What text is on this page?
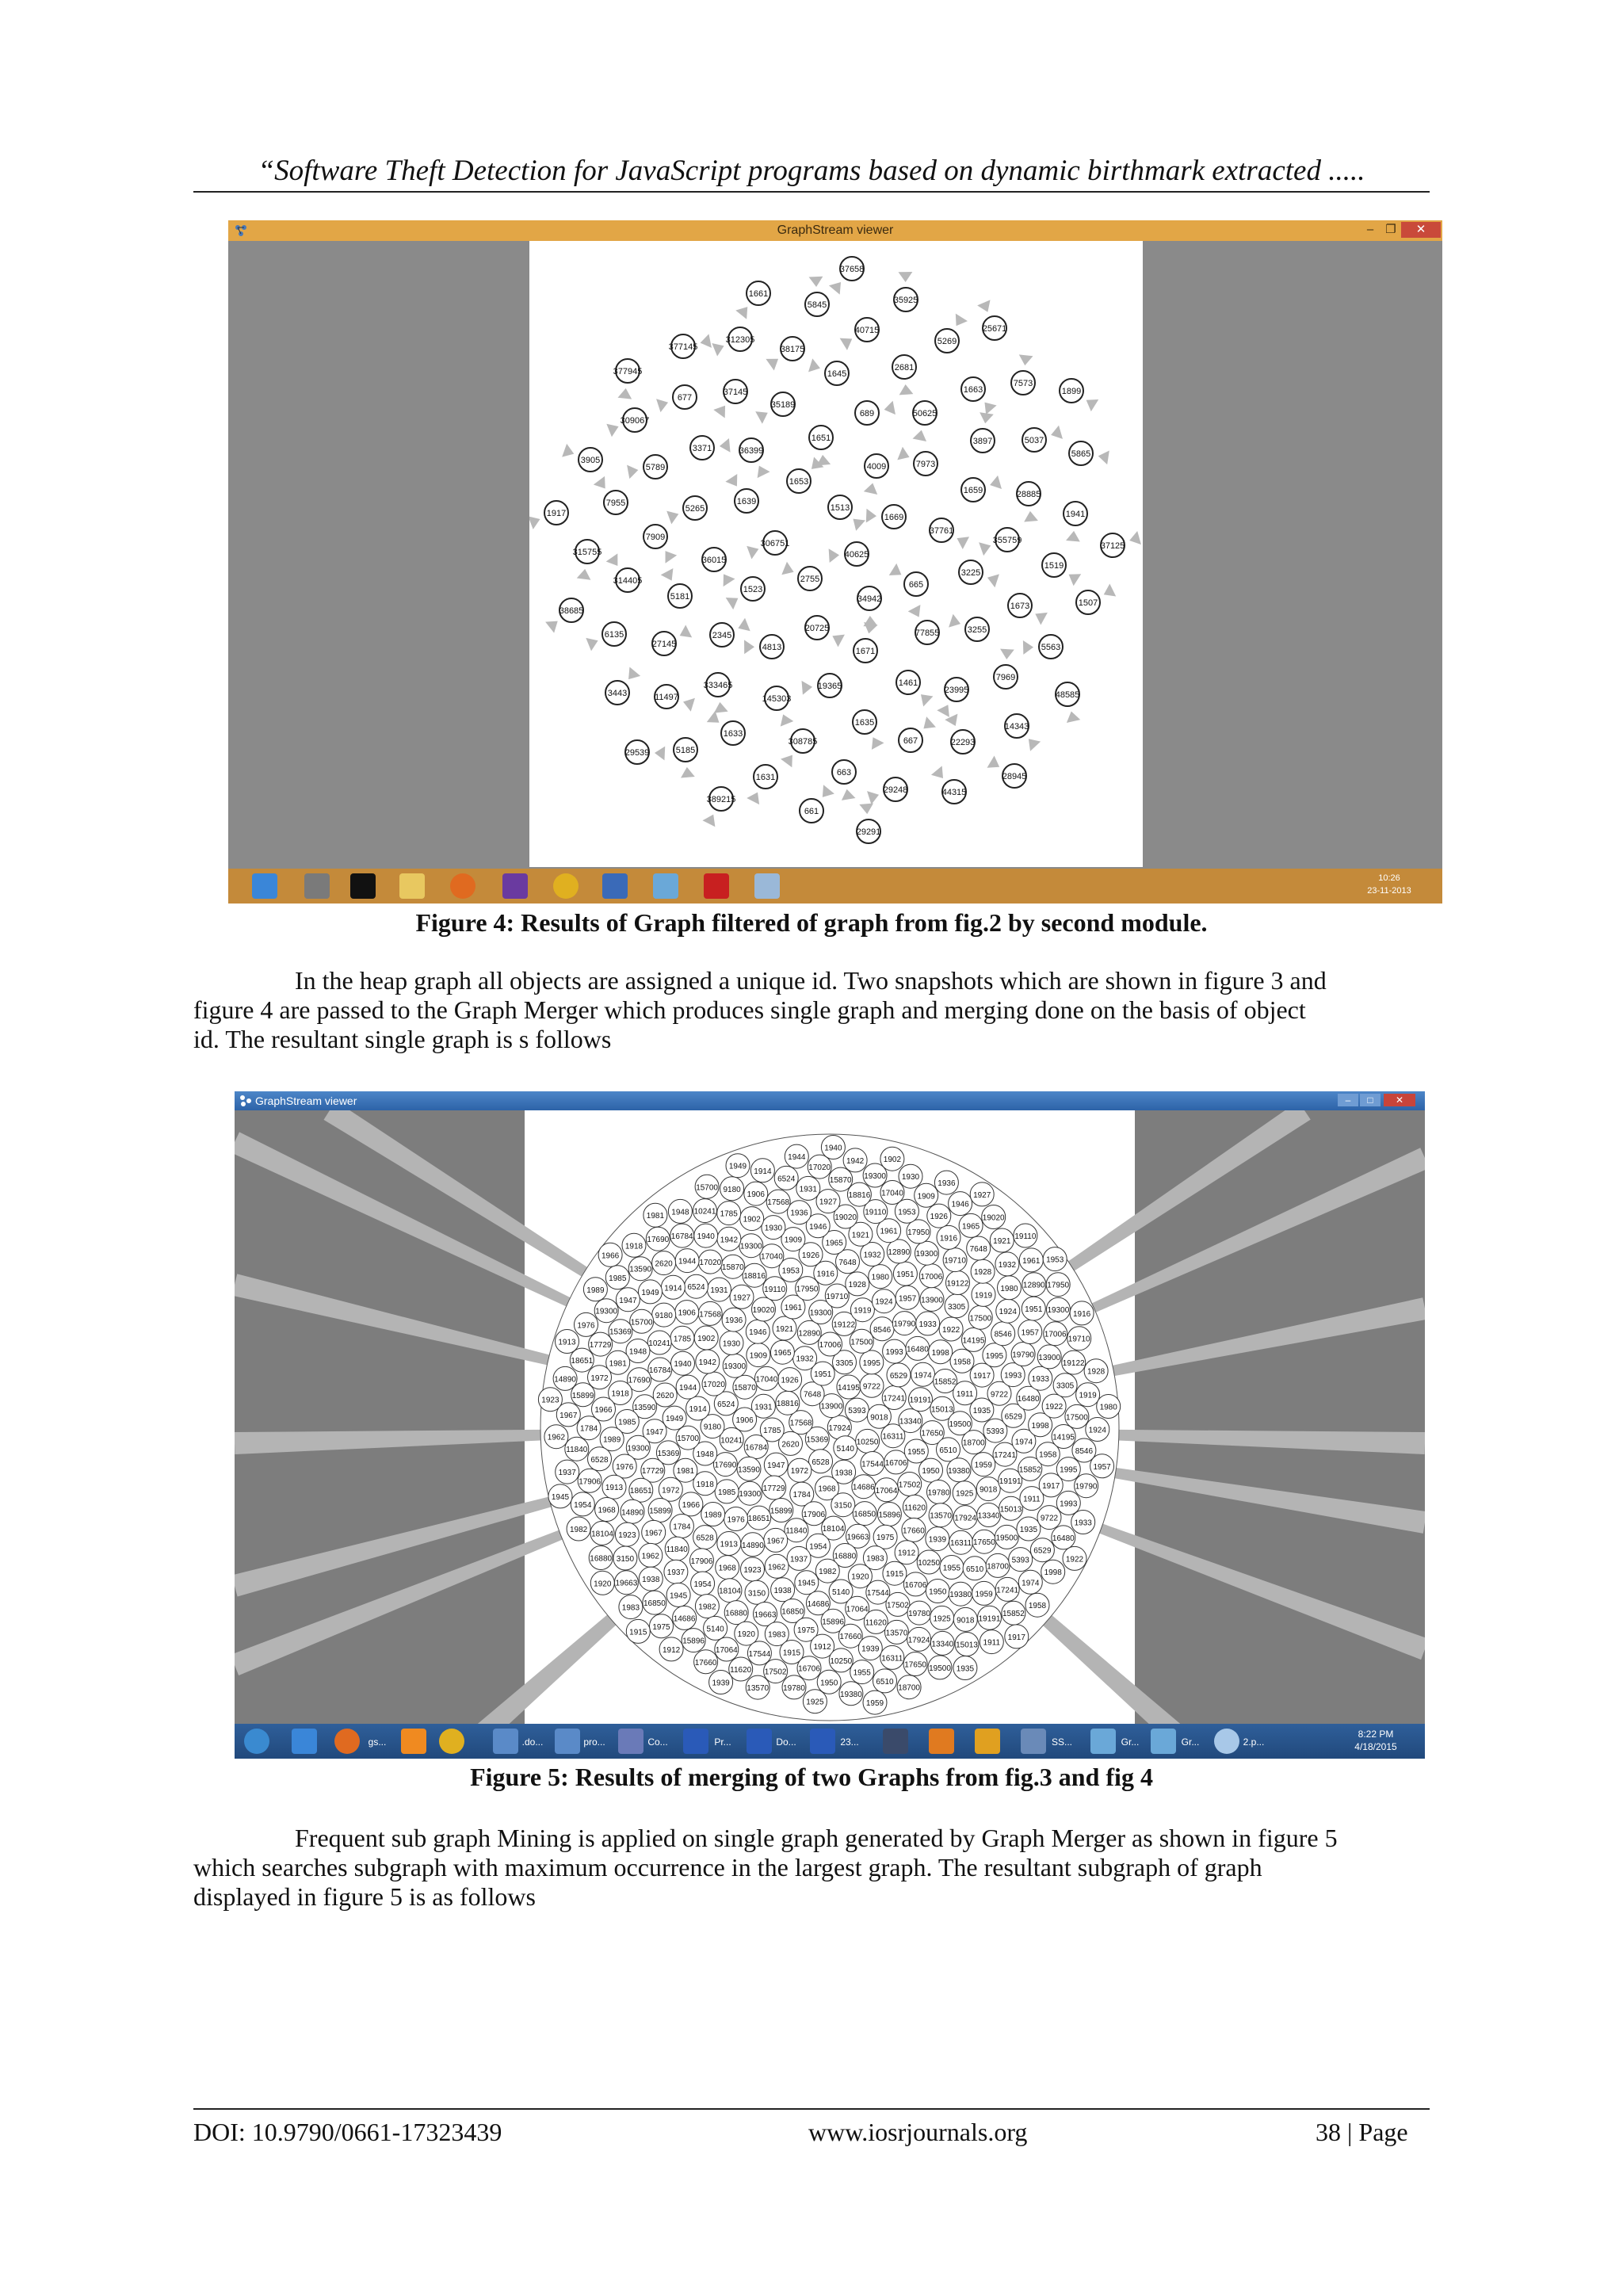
“Software Theft Detection for JavaScript programs based on dynamic birthmark extracted .....
GraphStream viewer	–	❐	✕
40625
2755
1513
34942
306751
1669
20725
1653
665
1523
4009
1671
1639
37761
4813
1651
77855
36015
7973
19365
36399
3225
2345
689
1461
5265
1659
145303
35189
3255
5181
50625
1635
3371
355759
333465
1645
23995
7909
3897
308785
37145
1673
27145
2681
667
5789
28885
1633
38175
7969
314405
1663
663
677
1519
11497
40715
22293
7955
5037
1631
312305
5563
6135
5269
29248
309067
1941
5185
5845
14343
315755
7573
661
377145
1507
3443
35925
44315
3905
5865
389215
1661
48585
38685
25671
29291
377945
37125
29539
37658
28945
1917
1899
10:26
23-11-2013
Figure 4: Results of Graph filtered of graph from fig.2 by second module.
In the heap graph all objects are assigned a unique id. Two snapshots which are shown in figure 3 and
figure 4 are passed to the Graph Merger which produces single graph and merging done on the basis of object
id. The resultant single graph is s follows
GraphStream viewer	–	□	✕
17924
15369
13900
5140
17568
5393
6528
7648
10250
2620
14195
1938
18816
9018
1972
1951
17544
1785
9722
1968
1926
16311
1947
3305
14686
1931
17241
1784
1932
16706
16784
1995
3150
17040
13340
17729
17006
17064
1906
6529
17906
1965
1955
13590
17500
16850
15870
19191
15899
12890
17502
10241
1993
18104
1909
17650
19300
19122
15896
6524
1974
11840
1921
1950
17690
8546
19663
19300
15013
18651
19300
11620
9180
16480
1954
1946
6510
1985
1919
1975
17020	15852
1967
1961
19780
1948
19790
16880
1930
19500
1976
19710
17660
1914
1998
1937
19020
19380
1918
1924
1983
1942
1911
14890
17950
13570
15700
1933
1982
1936
18700
1989
1928
1912
1944
1958
1962
19110
1925
1981
1957
1920
1902
1935
1913
1916
1939
1949
1922
1945
1927
1959
1966
1980
1915
1940
1917
1923
1953
17924
15369
13900
5140
17568
5393
6528
7648
10250
2620
14195
1938
18816
9018
1972
1951
17544
1785
9722
1968
1926
16311
1947
3305
14686
1931
17241
1784
1932
16706
16784
1995
3150
17040
13340
17729
17006
17064
1906
6529
17906
1965
1955
13590
17500
16850
15870
19191
15899
12890
17502
10241
1993
18104
1909
17650
19300
19122
15896
6524
1974
11840
1921
1950
17690
8546
19663
19300
15013
18651
19300
11620
9180
16480
1954
1946
6510
1985
1919
1975
17020
15852
1967
1961
19780
1948	19790
16880
1930
19500
1976
19710
17660
1914
1998
1937
19020
19380
1918
1924
1983
1942
1911
14890
17950
13570
15700
1933
1982
1936
18700
1989
1928
1912
1944
1958
1962
19110
1925
1981
1957
1920
1902
1935
1913
1916
1939
1949
1922
1945
1927
1959
1966
1980
1915
1940
1917
1923
1953
17924
15369
13900
5140
17568
5393
6528
7648
10250
2620
14195
1938
18816
9018
1972
1951
17544
1785
9722
1968
1926
16311
1947
3305
14686
1931
17241
1784
1932
16706
16784
1995
3150
17040
13340
17729
17006
17064
1906
6529
17906
1965
1955
13590
17500
16850
15870
19191
15899
12890
17502
10241
1993
18104
1909
17650
19300
19122
15896
6524
1974
11840
1921
1950
17690
8546
19663
19300
15013
18651
19300
11620
9180
16480
1954
1946
6510
1985
1919
1975
17020
15852
1967
1961
19780
1948
19790
16880
1930
19500
1976
19710
17660
1914
1998
1937
19020
19380
1918
1924
1983
1942
1911
14890
17950
13570
15700
1933
1982
1936
18700
1989
1928
1912
1944
1958
1962
19110
1925
1981
1957
1920
1902
1935
1913
1916
1939
1949
1922
1945
1927
1959
1966
1980
1915
1940
1917
1923
1953
gs...	.do...	pro...	Co...	Pr...	Do...	23...	SS...	Gr...	Gr...	2.p...
8:22 PM
4/18/2015
Figure 5: Results of merging of two Graphs from fig.3 and fig 4
Frequent sub graph Mining is applied on single graph generated by Graph Merger as shown in figure 5
which searches subgraph with maximum occurrence in the largest graph. The resultant subgraph of graph
displayed in figure 5 is as follows
DOI: 10.9790/0661-17323439	www.iosrjournals.org	38 | Page
